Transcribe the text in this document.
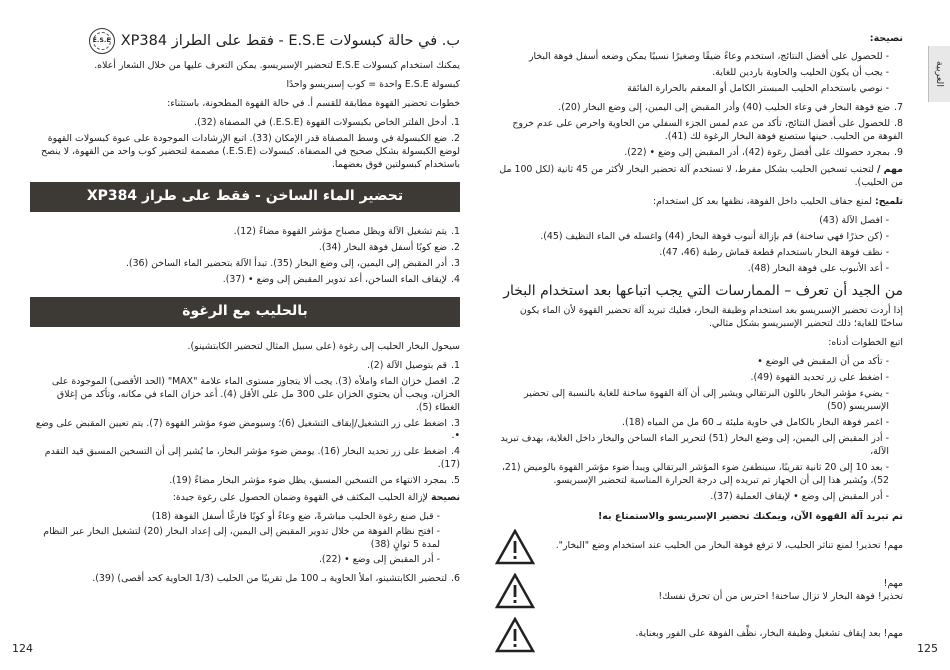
ب. في حالة كبسولات E.S.E - فقط على الطراز XP384
E.S.E

يمكنك استخدام كبسولات E.S.E لتحضير الإسبريسو. يمكن التعرف عليها من خلال الشعار أعلاه.

كبسولة E.S.E واحدة = كوب إسبريسو واحدًا

خطوات تحضير القهوة مطابقة للقسم أ. في حالة القهوة المطحونة، باستثناء:

1.أدخل الفلتر الخاص بكبسولات القهوة (E.S.E.) في المصفاة (32).
2.ضع الكبسولة في وسط المصفاة قدر الإمكان (33). اتبع الإرشادات الموجودة على عبوة كبسولات القهوة لوضع الكبسولة بشكل صحيح في المصفاة. كبسولات (E.S.E.) مصممة لتحضير كوب واحد من القهوة، لا ينصح باستخدام كبسولتين فوق بعضهما.
تحضير الماء الساخن - فقط على طراز XP384
1.يتم تشغيل الآلة ويظل مصباح مؤشر القهوة مضاءً (12).
2.ضع كوبًا أسفل فوهة البخار (34).
3.أدر المقبض إلى اليمين، إلى وضع البخار (35). تبدأ الآلة بتحضير الماء الساخن (36).
4.لإيقاف الماء الساخن، أعد تدوير المقبض إلى وضع • (37).
بالحليب مع الرغوة

سيحول البخار الحليب إلى رغوة (على سبيل المثال لتحضير الكابتشينو).

1.قم بتوصيل الآلة (2).
2.افصل خزان الماء واملأه (3). يجب ألا يتجاوز مستوى الماء علامة "MAX" (الحد الأقصى) الموجودة على الخزان، ويجب أن يحتوي الخزان على 300 مل على الأقل (4). أعد خزان الماء في مكانه، وتأكد من إغلاق الغطاء (5).
3.اضغط على زر التشغيل/إيقاف التشغيل (6)؛ وسيومض ضوء مؤشر القهوة (7). يتم تعيين المقبض على وضع •.
4.اضغط على زر تحديد البخار (16). يومض ضوء مؤشر البخار، ما يُشير إلى أن التسخين المسبق قيد التقدم (17).
5.بمجرد الانتهاء من التسخين المسبق، يظل ضوء مؤشر البخار مضاءً (19).

نصيحة لإزالة الحليب المكثف في القهوة وضمان الحصول على رغوة جيدة:

- قبل صنع رغوة الحليب مباشرةً، ضع وعاءً أو كوبًا فارغًا أسفل الفوهة (18)
- افتح نظام الفوهة من خلال تدوير المقبض إلى اليمين، إلى إعداد البخار (20) لتشغيل البخار عبر النظام لمدة 5 ثوانٍ (38)
- أدر المقبض إلى وضع • (22).
6.لتحضير الكابتشينو، املأ الحاوية بـ 100 مل تقريبًا من الحليب (1/3 الحاوية كحد أقصى) (39).
124
العربية
نصيحة:
- للحصول على أفضل النتائج، استخدم وعاءً ضيقًا وصغيرًا نسبيًا يمكن وضعه أسفل فوهة البخار
- يجب أن يكون الحليب والحاوية باردين للغاية.
- نوصي باستخدام الحليب المبستر الكامل أو المعقم بالحرارة الفائقة
7.ضع فوهة البخار في وعاء الحليب (40) وأدر المقبض إلى اليمين، إلى وضع البخار (20).
8.للحصول على أفضل النتائج، تأكد من عدم لمس الجزء السفلي من الحاوية واحرص على عدم خروج الفوهة من الحليب. حينها ستصنع فوهة البخار الرغوة لك (41).
9.بمجرد حصولك على أفضل رغوة (42)، أدر المقبض إلى وضع • (22).

مهم / لتجنب تسخين الحليب بشكل مفرط، لا تستخدم آلة تحضير البخار لأكثر من 45 ثانية (لكل 100 مل من الحليب).

تلميح: لمنع جفاف الحليب داخل الفوهة، نظفها بعد كل استخدام:

- افصل الآلة (43)
- (كن حذرًا فهي ساخنة) قم بإزالة أنبوب فوهة البخار (44) واغسله في الماء النظيف (45).
- نظف فوهة البخار باستخدام قطعة قماش رطبة (46، 47).
- أعد الأنبوب على فوهة البخار (48).
من الجيد أن تعرف – الممارسات التي يجب اتباعها بعد استخدام البخار

إذا أردت تحضير الإسبريسو بعد استخدام وظيفة البخار، فعليك تبريد آلة تحضير القهوة لأن الماء يكون ساخنًا للغاية؛ ذلك لتحضير الإسبريسو بشكل مثالي.

اتبع الخطوات أدناه:

- تأكد من أن المقبض في الوضع •
- اضغط على زر تحديد القهوة (49).
- يضيء مؤشر البخار باللون البرتقالي ويشير إلى أن آلة القهوة ساخنة للغاية بالنسبة إلى تحضير الإسبريسو (50)
- اغمر فوهة البخار بالكامل في حاوية مليئة بـ 60 مل من المياه (18).
- أدر المقبض إلى اليمين، إلى وضع البخار (51) لتحرير الماء الساخن والبخار داخل الغلاية، بهدف تبريد الآلة،
- بعد 10 إلى 20 ثانية تقريبًا، سينطفئ ضوء المؤشر البرتقالي ويبدأ ضوء مؤشر القهوة بالوميض (21، 52)، ويُشير هذا إلى أن الجهاز تم تبريده إلى درجة الحرارة المناسبة لتحضير الإسبريسو.
- أدر المقبض إلى وضع • لإيقاف العملية (37).
تم تبريد آلة القهوة الآن، ويمكنك تحضير الإسبريسو والاستمتاع به!
مهم! تحذير! لمنع تناثر الحليب، لا ترفع فوهة البخار من الحليب عند استخدام وضع "البخار".
مهم!
تحذير! فوهة البخار لا تزال ساخنة! احترس من أن تحرق نفسك!
مهم! بعد إيقاف تشغيل وظيفة البخار، نظِّف الفوهة على الفور وبعناية.
125
